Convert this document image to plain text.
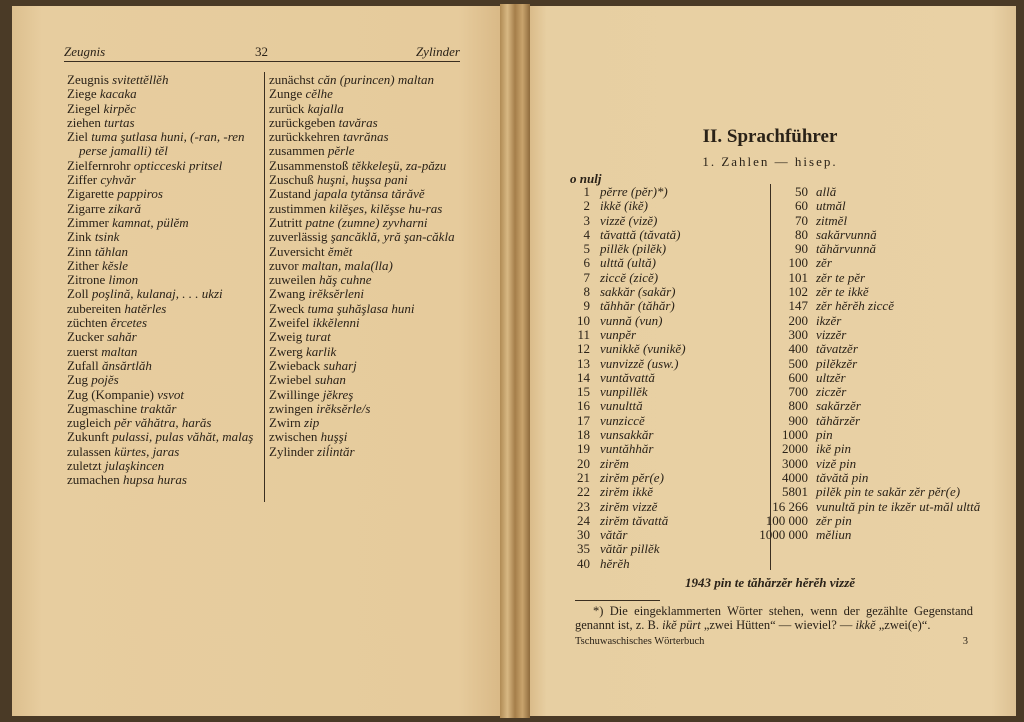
Zeugnis	32	Zylinder
Zeugnis svitettĕllĕh
Ziege kacaka
Ziegel kirpĕc
ziehen turtas
Ziel tuma şutlasa huni, (-ran, -ren perse jamalli) tĕl
Zielfernrohr opticceski pritsel
Ziffer cyhvăr
Zigarette pappiros
Zigarre zikară
Zimmer kamnat, pülĕm
Zink tsink
Zinn tăhlan
Zither kĕsle
Zitrone limon
Zoll poşlină, kulanaj, . . . ukzi
zubereiten hatĕrles
züchten ĕrcetes
Zucker sahăr
zuerst maltan
Zufall ănsărtlăh
Zug pojĕs
Zug (Kompanie) vsvot
Zugmaschine traktăr
zugleich pĕr văhătra, harăs
Zukunft pulassi, pulas văhăt, malaş
zulassen kürtes, jaras
zuletzt julaşkincen
zumachen hupsa huras
zunächst căn (purincen) maltan
Zunge cĕlhe
zurück kajalla
zurückgeben tavăras
zurückkehren tavrănas
zusammen pĕrle
Zusammenstoß tĕkkeleşü, za-păzu
Zuschuß huşni, huşsa pani
Zustand japala tytănsa tărăvĕ
zustimmen kilĕşes, kilĕşse hu-ras
Zutritt patne (zumne) zyvharni
zuverlässig şancăklă, yră şan-căkla
Zuversicht ĕmĕt
zuvor maltan, mala(lla)
zuweilen hăş cuhne
Zwang irĕksĕrleni
Zweck tuma şuhăşlasa huni
Zweifel ikkĕlenni
Zweig turat
Zwerg karlik
Zwieback suharj
Zwiebel suhan
Zwillinge jĕkreş
zwingen irĕksĕrle/s
Zwirn zip
zwischen huşşi
Zylinder ziĺintăr
II. Sprachführer
1. Zahlen — hisep.
o nulj
1 pĕrre (pĕr)*)
2 ikkĕ (ikĕ)
3 vizzĕ (vizĕ)
4 tăvattă (tăvată)
5 pillĕk (pilĕk)
6 ulttă (ultă)
7 ziccĕ (zicĕ)
8 sakkăr (sakăr)
9 tăhhăr (tăhăr)
10 vunnă (vun)
11 vunpĕr
12 vunikkĕ (vunikĕ)
13 vunvizzĕ (usw.)
14 vuntăvattă
15 vunpillĕk
16 vunulttă
17 vunziccĕ
18 vunsakkăr
19 vuntăhhăr
20 zirĕm
21 zirĕm pĕr(e)
22 zirĕm ikkĕ
23 zirĕm vizzĕ
24 zirĕm tăvattă
30 vătăr
35 vătăr pillĕk
40 hĕrĕh
50 allă
60 utmăl
70 zitmĕl
80 sakărvunnă
90 tăhărvunnă
100 zĕr
101 zĕr te pĕr
102 zĕr te ikkĕ
147 zĕr hĕrĕh ziccĕ
200 ikzĕr
300 vizzĕr
400 tăvatzĕr
500 pilĕkzĕr
600 ultzĕr
700 ziczĕr
800 sakărzĕr
900 tăhărzĕr
1000 pin
2000 ikĕ pin
3000 vizĕ pin
4000 tăvătă pin
5801 pilĕk pin te sakăr zĕr pĕr(e)
16 266 vunultă pin te ikzĕr ut-măl ulttă
100 000 zĕr pin
1000 000 mĕliun
1943 pin te tăhărzĕr hĕrĕh vizzĕ
*) Die eingeklammerten Wörter stehen, wenn der gezählte Gegenstand genannt ist, z. B. ikĕ pürt „zwei Hütten“ — wieviel? — ikkĕ „zwei(e)“.
Tschuwaschisches Wörterbuch	3
